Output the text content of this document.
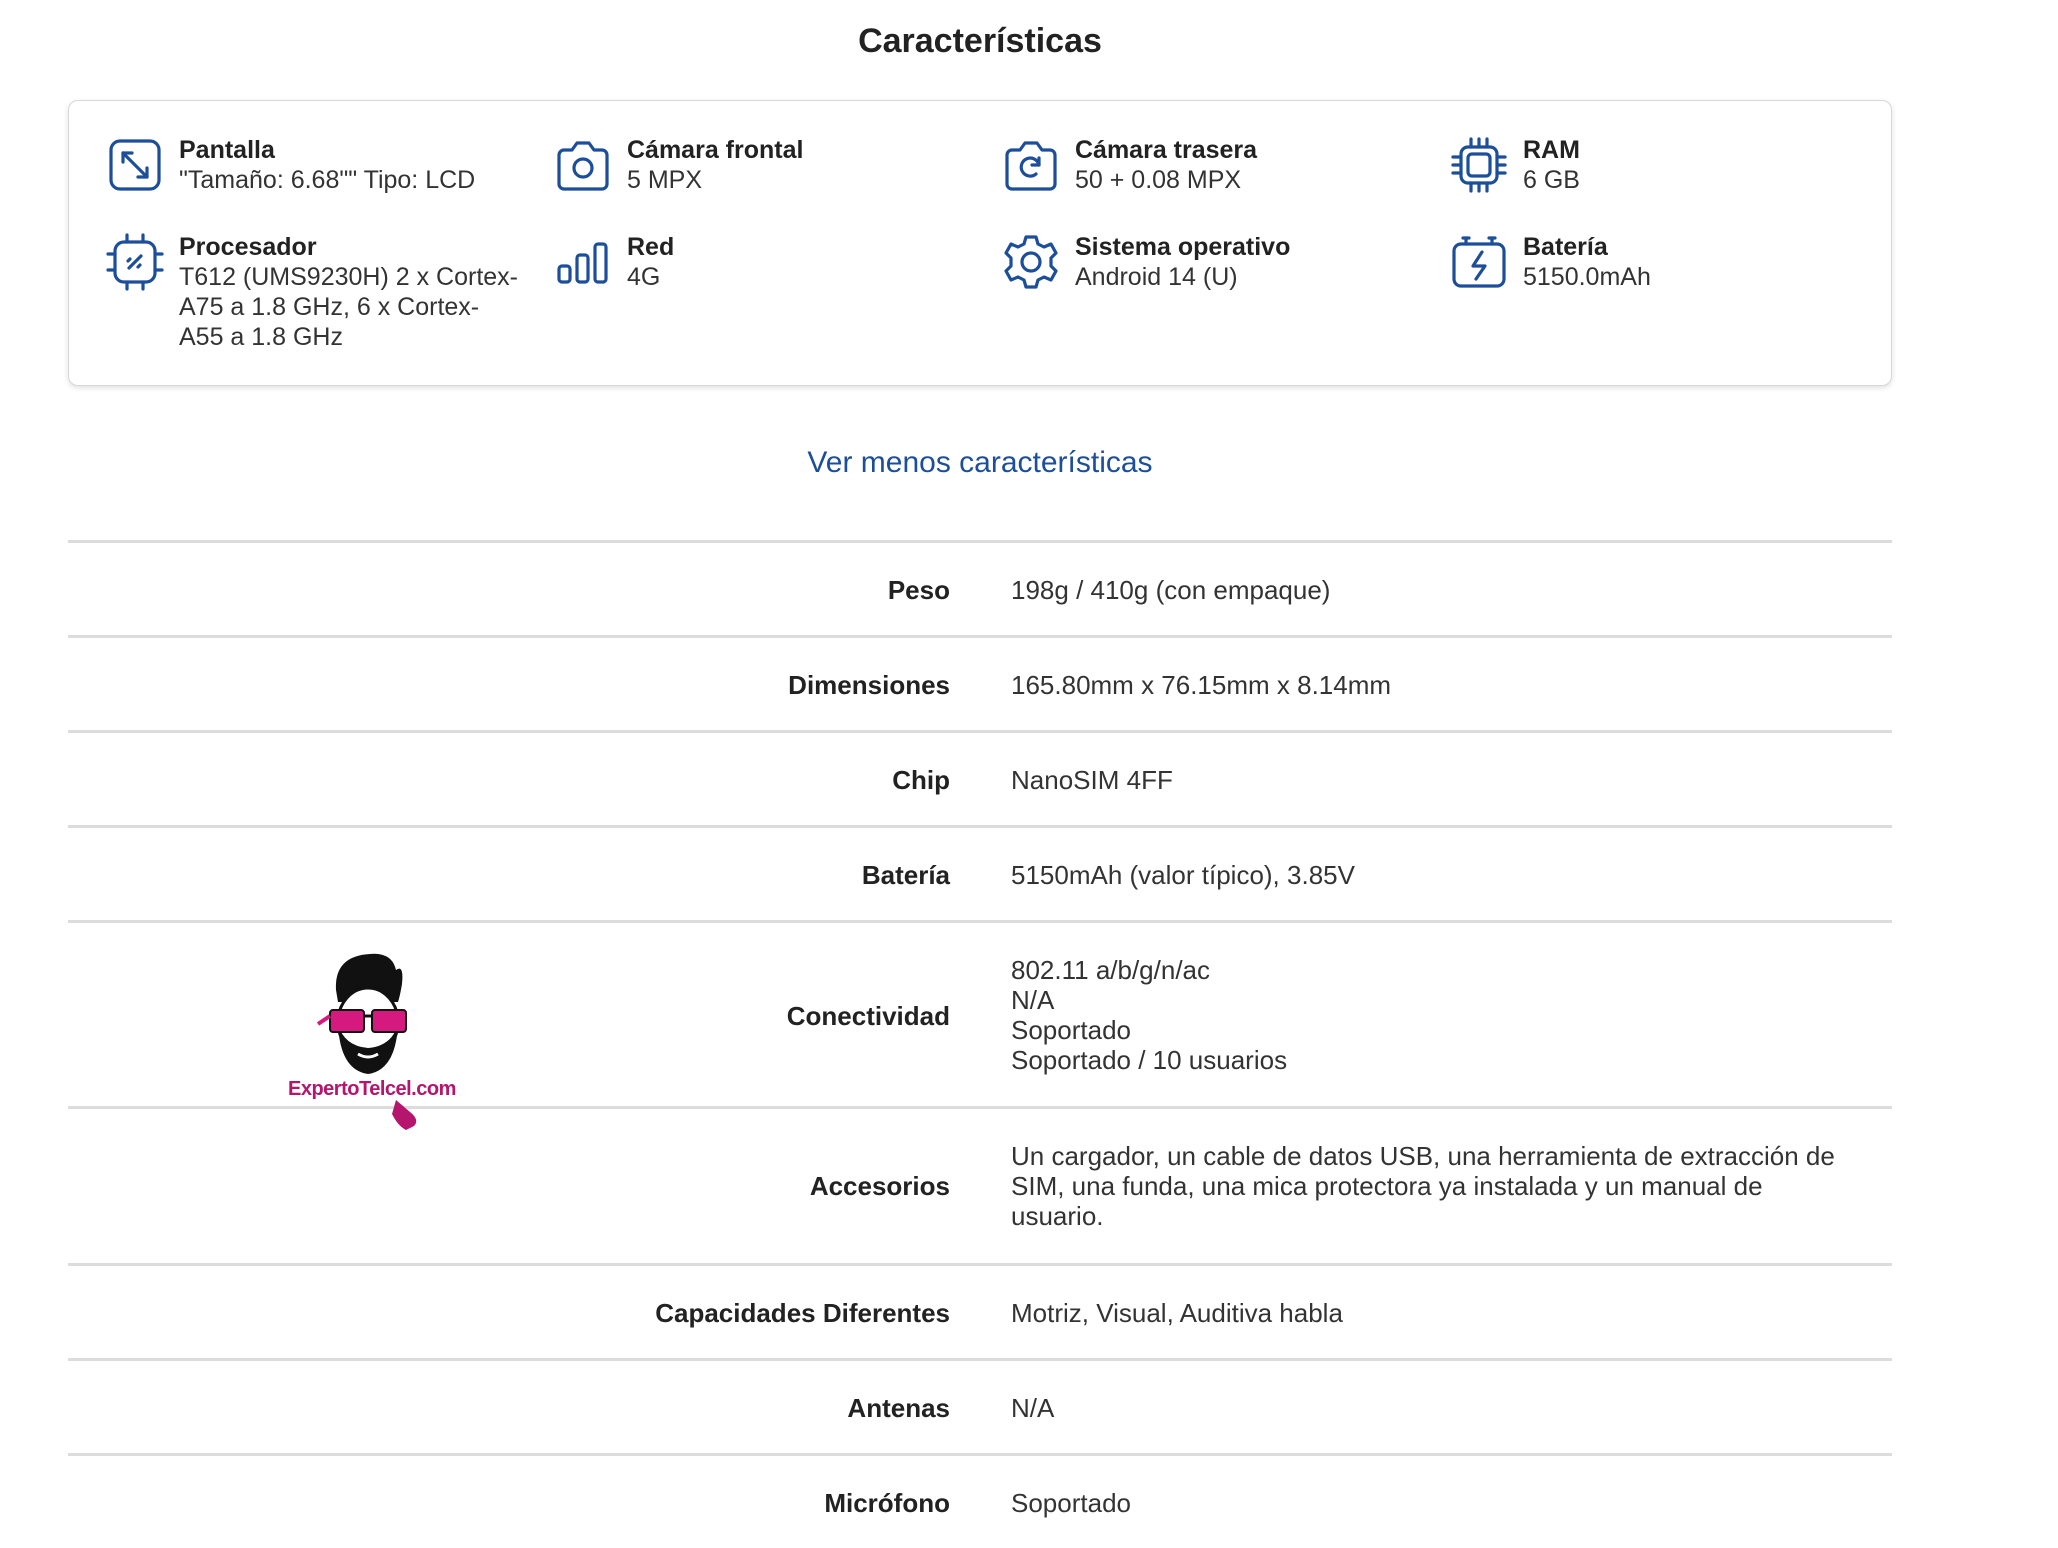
Características
Pantalla
"Tamaño: 6.68"" Tipo: LCD
Cámara frontal
5 MPX
Cámara trasera
50 + 0.08 MPX
RAM
6 GB
Procesador
T612 (UMS9230H) 2 x Cortex-A75 a 1.8 GHz, 6 x Cortex-A55 a 1.8 GHz
Red
4G
Sistema operativo
Android 14 (U)
Batería
5150.0mAh
Ver menos características
Peso 198g / 410g (con empaque)
Dimensiones 165.80mm x 76.15mm x 8.14mm
Chip NanoSIM 4FF
Batería 5150mAh (valor típico), 3.85V
Conectividad
802.11 a/b/g/n/ac
N/A
Soportado
Soportado / 10 usuarios
Accesorios
Un cargador, un cable de datos USB, una herramienta de extracción de SIM, una funda, una mica protectora ya instalada y un manual de usuario.
Capacidades Diferentes Motriz, Visual, Auditiva habla
Antenas N/A
Micrófono Soportado
ExpertoTelcel.com
